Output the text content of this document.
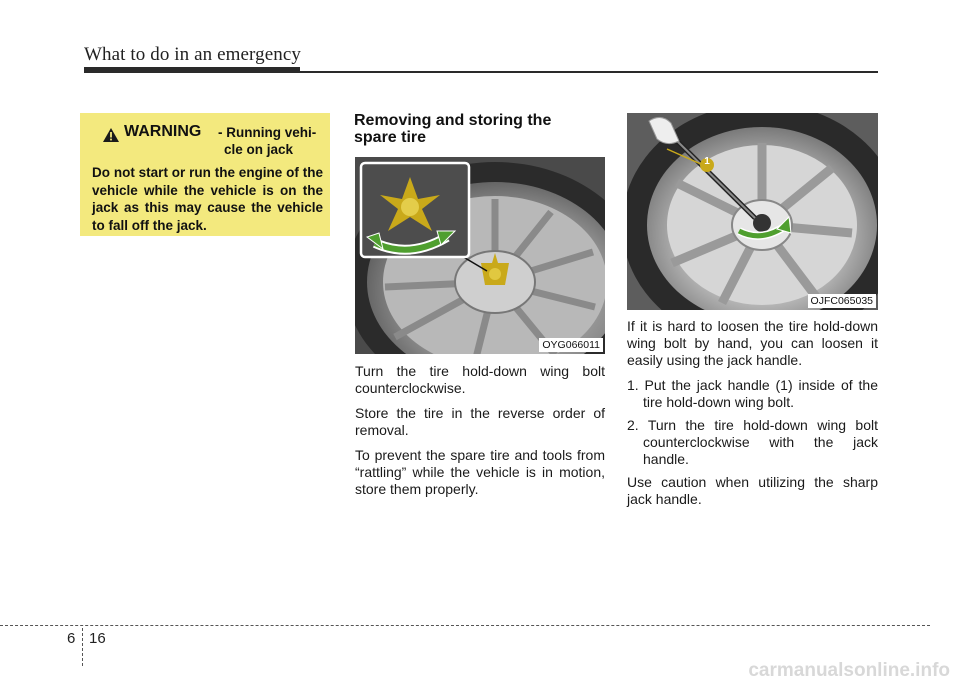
What to do in an emergency
WARNING - Running vehi-
cle on jack
Do not start or run the engine of the vehicle while the vehicle is on the jack as this may cause the vehicle to fall off the jack.
Removing and storing the
spare tire
OYG066011
1
OJFC065035

Turn the tire hold-down wing bolt counterclockwise.

Store the tire in the reverse order of removal.

To prevent the spare tire and tools from “rattling” while the vehicle is in motion, store them properly.

If it is hard to loosen the tire hold-down wing bolt by hand, you can loosen it easily using the jack handle.

1. Put the jack handle (1) inside of the tire hold-down wing bolt.

2. Turn the tire hold-down wing bolt counterclockwise with the jack handle.

Use caution when utilizing the sharp jack handle.

6 16
carmanualsonline.info
